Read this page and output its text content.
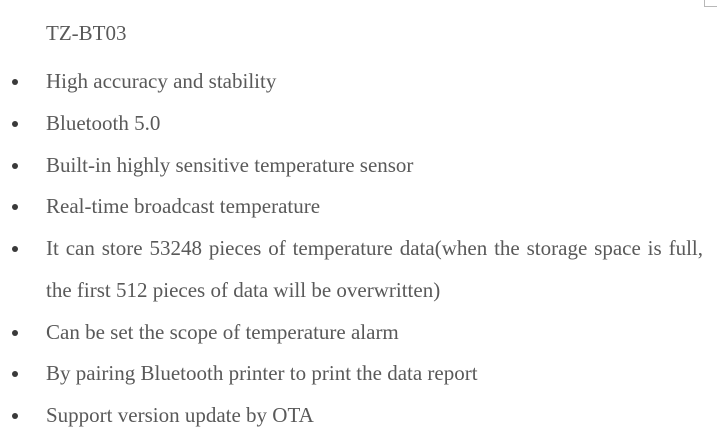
TZ-BT03
High accuracy and stability
Bluetooth 5.0
Built-in highly sensitive temperature sensor
Real-time broadcast temperature
It can store 53248 pieces of temperature data(when the storage space is full, the first 512 pieces of data will be overwritten)
Can be set the scope of temperature alarm
By pairing Bluetooth printer to print the data report
Support version update by OTA
